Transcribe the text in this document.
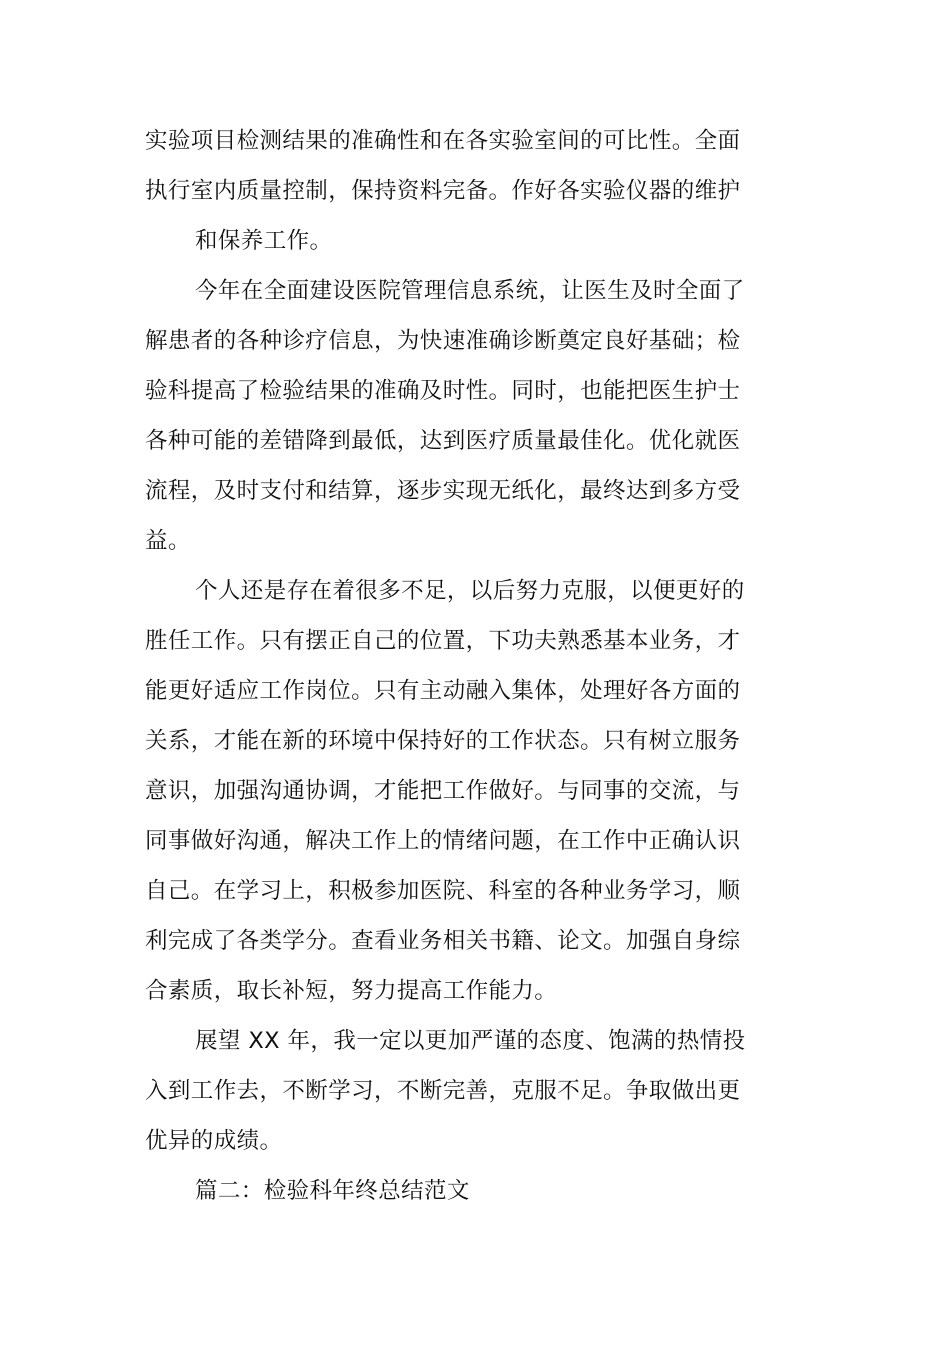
实验项目检测结果的准确性和在各实验室间的可比性。全面
执行室内质量控制，保持资料完备。作好各实验仪器的维护
和保养工作。
今年在全面建设医院管理信息系统，让医生及时全面了
解患者的各种诊疗信息，为快速准确诊断奠定良好基础；检
验科提高了检验结果的准确及时性。同时，也能把医生护士
各种可能的差错降到最低，达到医疗质量最佳化。优化就医
流程，及时支付和结算，逐步实现无纸化，最终达到多方受
益。
个人还是存在着很多不足，以后努力克服，以便更好的
胜任工作。只有摆正自己的位置，下功夫熟悉基本业务，才
能更好适应工作岗位。只有主动融入集体，处理好各方面的
关系，才能在新的环境中保持好的工作状态。只有树立服务
意识，加强沟通协调，才能把工作做好。与同事的交流，与
同事做好沟通，解决工作上的情绪问题，在工作中正确认识
自己。在学习上，积极参加医院、科室的各种业务学习，顺
利完成了各类学分。查看业务相关书籍、论文。加强自身综
合素质，取长补短，努力提高工作能力。
展望 XX 年，我一定以更加严谨的态度、饱满的热情投
入到工作去，不断学习，不断完善，克服不足。争取做出更
优异的成绩。
篇二：检验科年终总结范文
